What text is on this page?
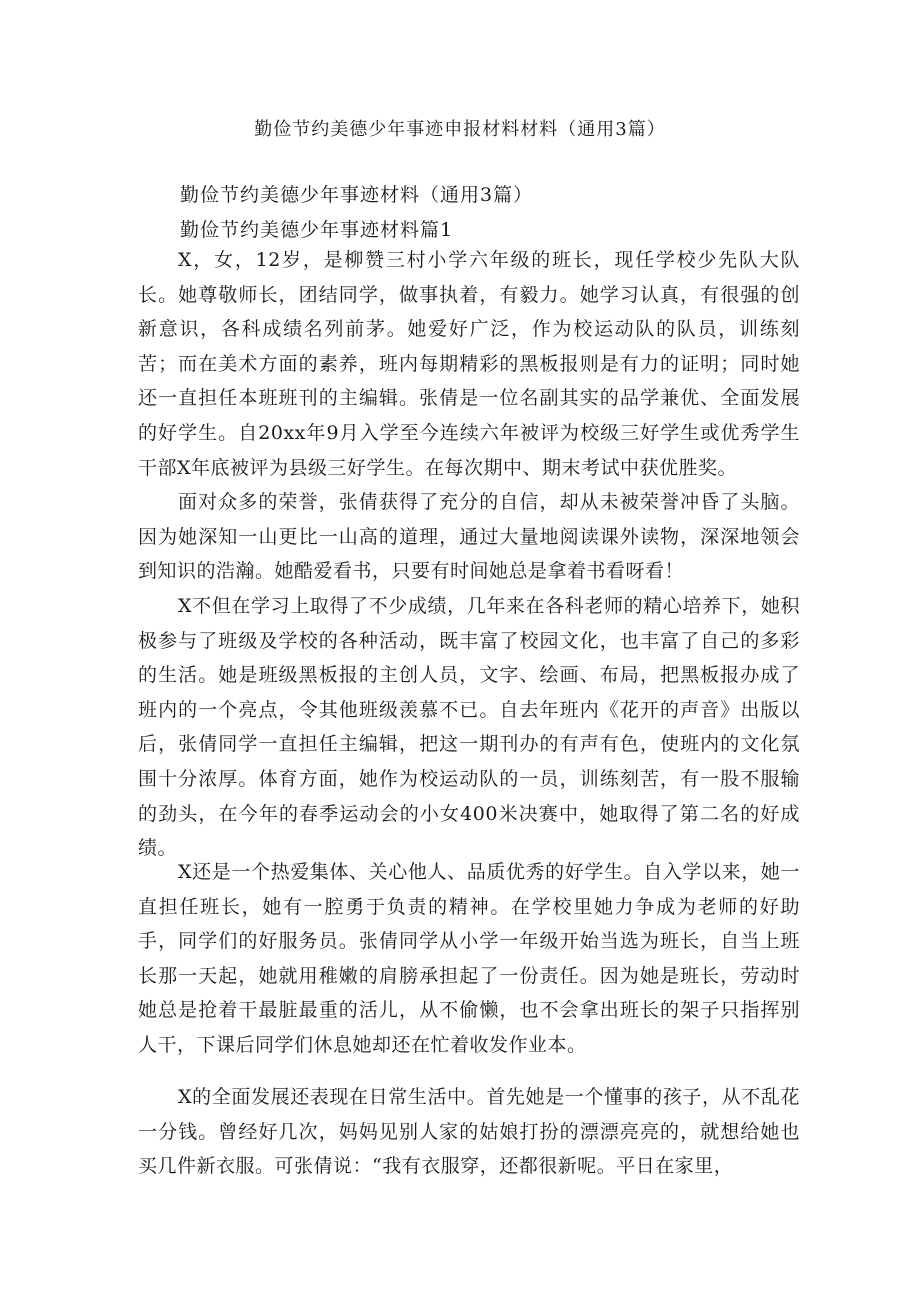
勤俭节约美德少年事迹申报材料材料（通用3篇）
勤俭节约美德少年事迹材料（通用3篇）
勤俭节约美德少年事迹材料篇1

X，女，12岁，是柳赞三村小学六年级的班长，现任学校少先队大队长。她尊敬师长，团结同学，做事执着，有毅力。她学习认真，有很强的创新意识，各科成绩名列前茅。她爱好广泛，作为校运动队的队员，训练刻苦；而在美术方面的素养，班内每期精彩的黑板报则是有力的证明；同时她还一直担任本班班刊的主编辑。张倩是一位名副其实的品学兼优、全面发展的好学生。自20xx年9月入学至今连续六年被评为校级三好学生或优秀学生干部X年底被评为县级三好学生。在每次期中、期末考试中获优胜奖。

面对众多的荣誉，张倩获得了充分的自信，却从未被荣誉冲昏了头脑。因为她深知一山更比一山高的道理，通过大量地阅读课外读物，深深地领会到知识的浩瀚。她酷爱看书，只要有时间她总是拿着书看呀看！

X不但在学习上取得了不少成绩，几年来在各科老师的精心培养下，她积极参与了班级及学校的各种活动，既丰富了校园文化，也丰富了自己的多彩的生活。她是班级黑板报的主创人员，文字、绘画、布局，把黑板报办成了班内的一个亮点，令其他班级羡慕不已。自去年班内《花开的声音》出版以后，张倩同学一直担任主编辑，把这一期刊办的有声有色，使班内的文化氛围十分浓厚。体育方面，她作为校运动队的一员，训练刻苦，有一股不服输的劲头，在今年的春季运动会的小女400米决赛中，她取得了第二名的好成绩。

X还是一个热爱集体、关心他人、品质优秀的好学生。自入学以来，她一直担任班长，她有一腔勇于负责的精神。在学校里她力争成为老师的好助手，同学们的好服务员。张倩同学从小学一年级开始当选为班长，自当上班长那一天起，她就用稚嫩的肩膀承担起了一份责任。因为她是班长，劳动时她总是抢着干最脏最重的活儿，从不偷懒，也不会拿出班长的架子只指挥别人干，下课后同学们休息她却还在忙着收发作业本。

X的全面发展还表现在日常生活中。首先她是一个懂事的孩子，从不乱花一分钱。曾经好几次，妈妈见别人家的姑娘打扮的漂漂亮亮的，就想给她也买几件新衣服。可张倩说：“我有衣服穿，还都很新呢。平日在家里，
